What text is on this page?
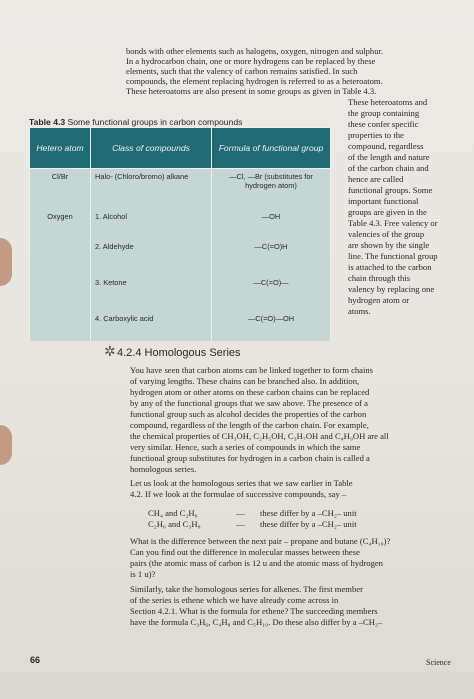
bonds with other elements such as halogens, oxygen, nitrogen and sulphur.
In a hydrocarbon chain, one or more hydrogens can be replaced by these
elements, such that the valency of carbon remains satisfied. In such
compounds, the element replacing hydrogen is referred to as a heteroatom.
These heteroatoms are also present in some groups as given in Table 4.3.
Table 4.3 Some functional groups in carbon compounds
Hetero atom	Class of compounds	Formula of functional group
Cl/Br	Halo- (Chloro/bromo) alkane	—Cl, —Br (substitutes for hydrogen atom)
Oxygen	1. Alcohol	—OH
	2. Aldehyde	—C(=O)H
	3. Ketone	—C(=O)—
	4. Carboxylic acid	—C(=O)—OH
These heteroatoms and
the group containing
these confer specific
properties to the
compound, regardless
of the length and nature
of the carbon chain and
hence are called
functional groups. Some
important functional
groups are given in the
Table 4.3. Free valency or
valencies of the group
are shown by the single
line. The functional group
is attached to the carbon
chain through this
valency by replacing one
hydrogen atom or
atoms.
✲ 4.2.4 Homologous Series
You have seen that carbon atoms can be linked together to form chains
of varying lengths. These chains can be branched also. In addition,
hydrogen atom or other atoms on these carbon chains can be replaced
by any of the functional groups that we saw above. The presence of a
functional group such as alcohol decides the properties of the carbon
compound, regardless of the length of the carbon chain. For example,
the chemical properties of CH₃OH, C₂H₅OH, C₃H₇OH and C₄H₉OH are all
very similar. Hence, such a series of compounds in which the same
functional group substitutes for hydrogen in a carbon chain is called a
homologous series.
Let us look at the homologous series that we saw earlier in Table
4.2. If we look at the formulae of successive compounds, say –
CH₄ and C₂H₆	— these differ by a –CH₂– unit
C₂H₆ and C₃H₈	— these differ by a –CH₂– unit
What is the difference between the next pair – propane and butane (C₄H₁₀)?
Can you find out the difference in molecular masses between these
pairs (the atomic mass of carbon is 12 u and the atomic mass of hydrogen
is 1 u)?
Similarly, take the homologous series for alkenes. The first member
of the series is ethene which we have already come across in
Section 4.2.1. What is the formula for ethene? The succeeding members
have the formula C₃H₆, C₄H₈ and C₅H₁₀. Do these also differ by a –CH₂–
66	Science
